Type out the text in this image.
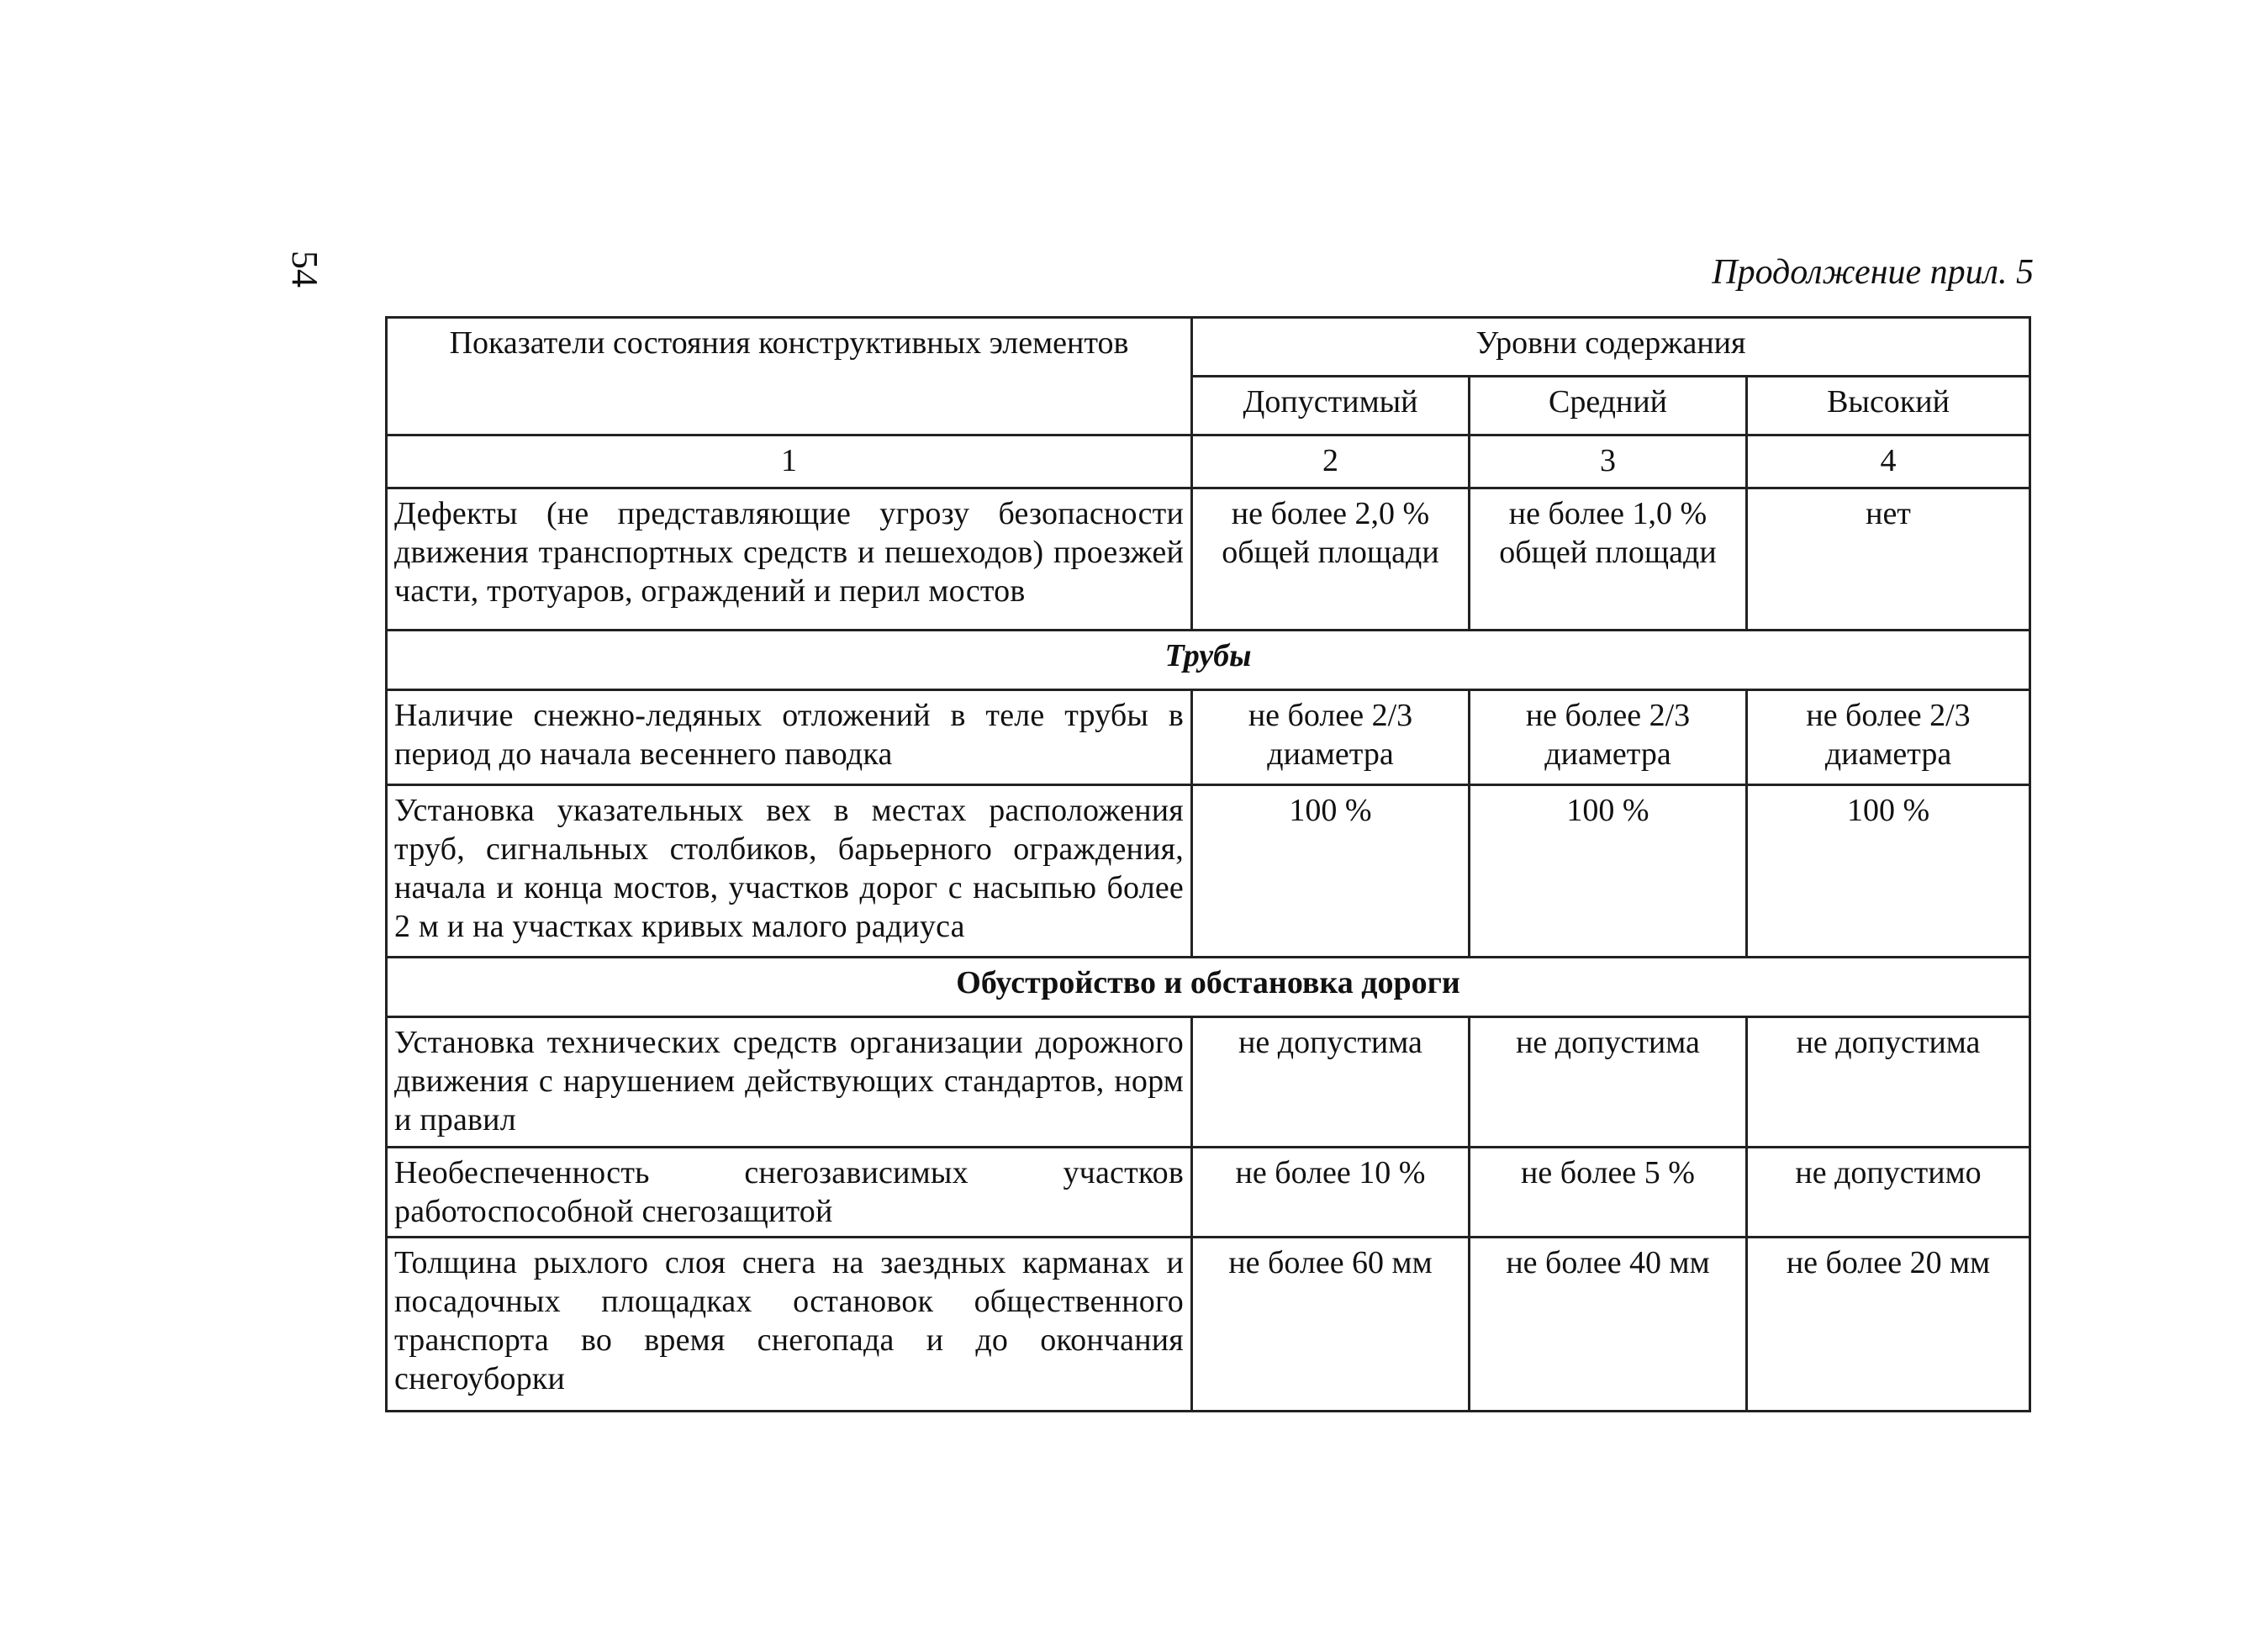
54	Продолжение прил. 5
Показатели состояния конструктивных элементов	Уровни содержания		
	Допустимый	Средний	Высокий
1	2	3	4
Дефекты (не представляющие угрозу безопасности движения транспортных средств и пешеходов) проезжей части, тротуаров, ограждений и перил мостов	не более 2,0 % общей площади	не более 1,0 % общей площади	нет
Трубы			
Наличие снежно-ледяных отложений в теле трубы в период до начала весеннего паводка	не более 2/3 диаметра	не более 2/3 диаметра	не более 2/3 диаметра
Установка указательных вех в местах расположения труб, сигнальных столбиков, барьерного ограждения, начала и конца мостов, участков дорог с насыпью более 2 м и на участках кривых малого радиуса	100 %	100 %	100 %
Обустройство и обстановка дороги			
Установка технических средств организации дорожного движения с нарушением действующих стандартов, норм и правил	не допустима	не допустима	не допустима
Необеспеченность снегозависимых участков работоспособной снегозащитой	не более 10 %	не более 5 %	не допустимо
Толщина рыхлого слоя снега на заездных карманах и посадочных площадках остановок общественного транспорта во время снегопада и до окончания снегоуборки	не более 60 мм	не более 40 мм	не более 20 мм
